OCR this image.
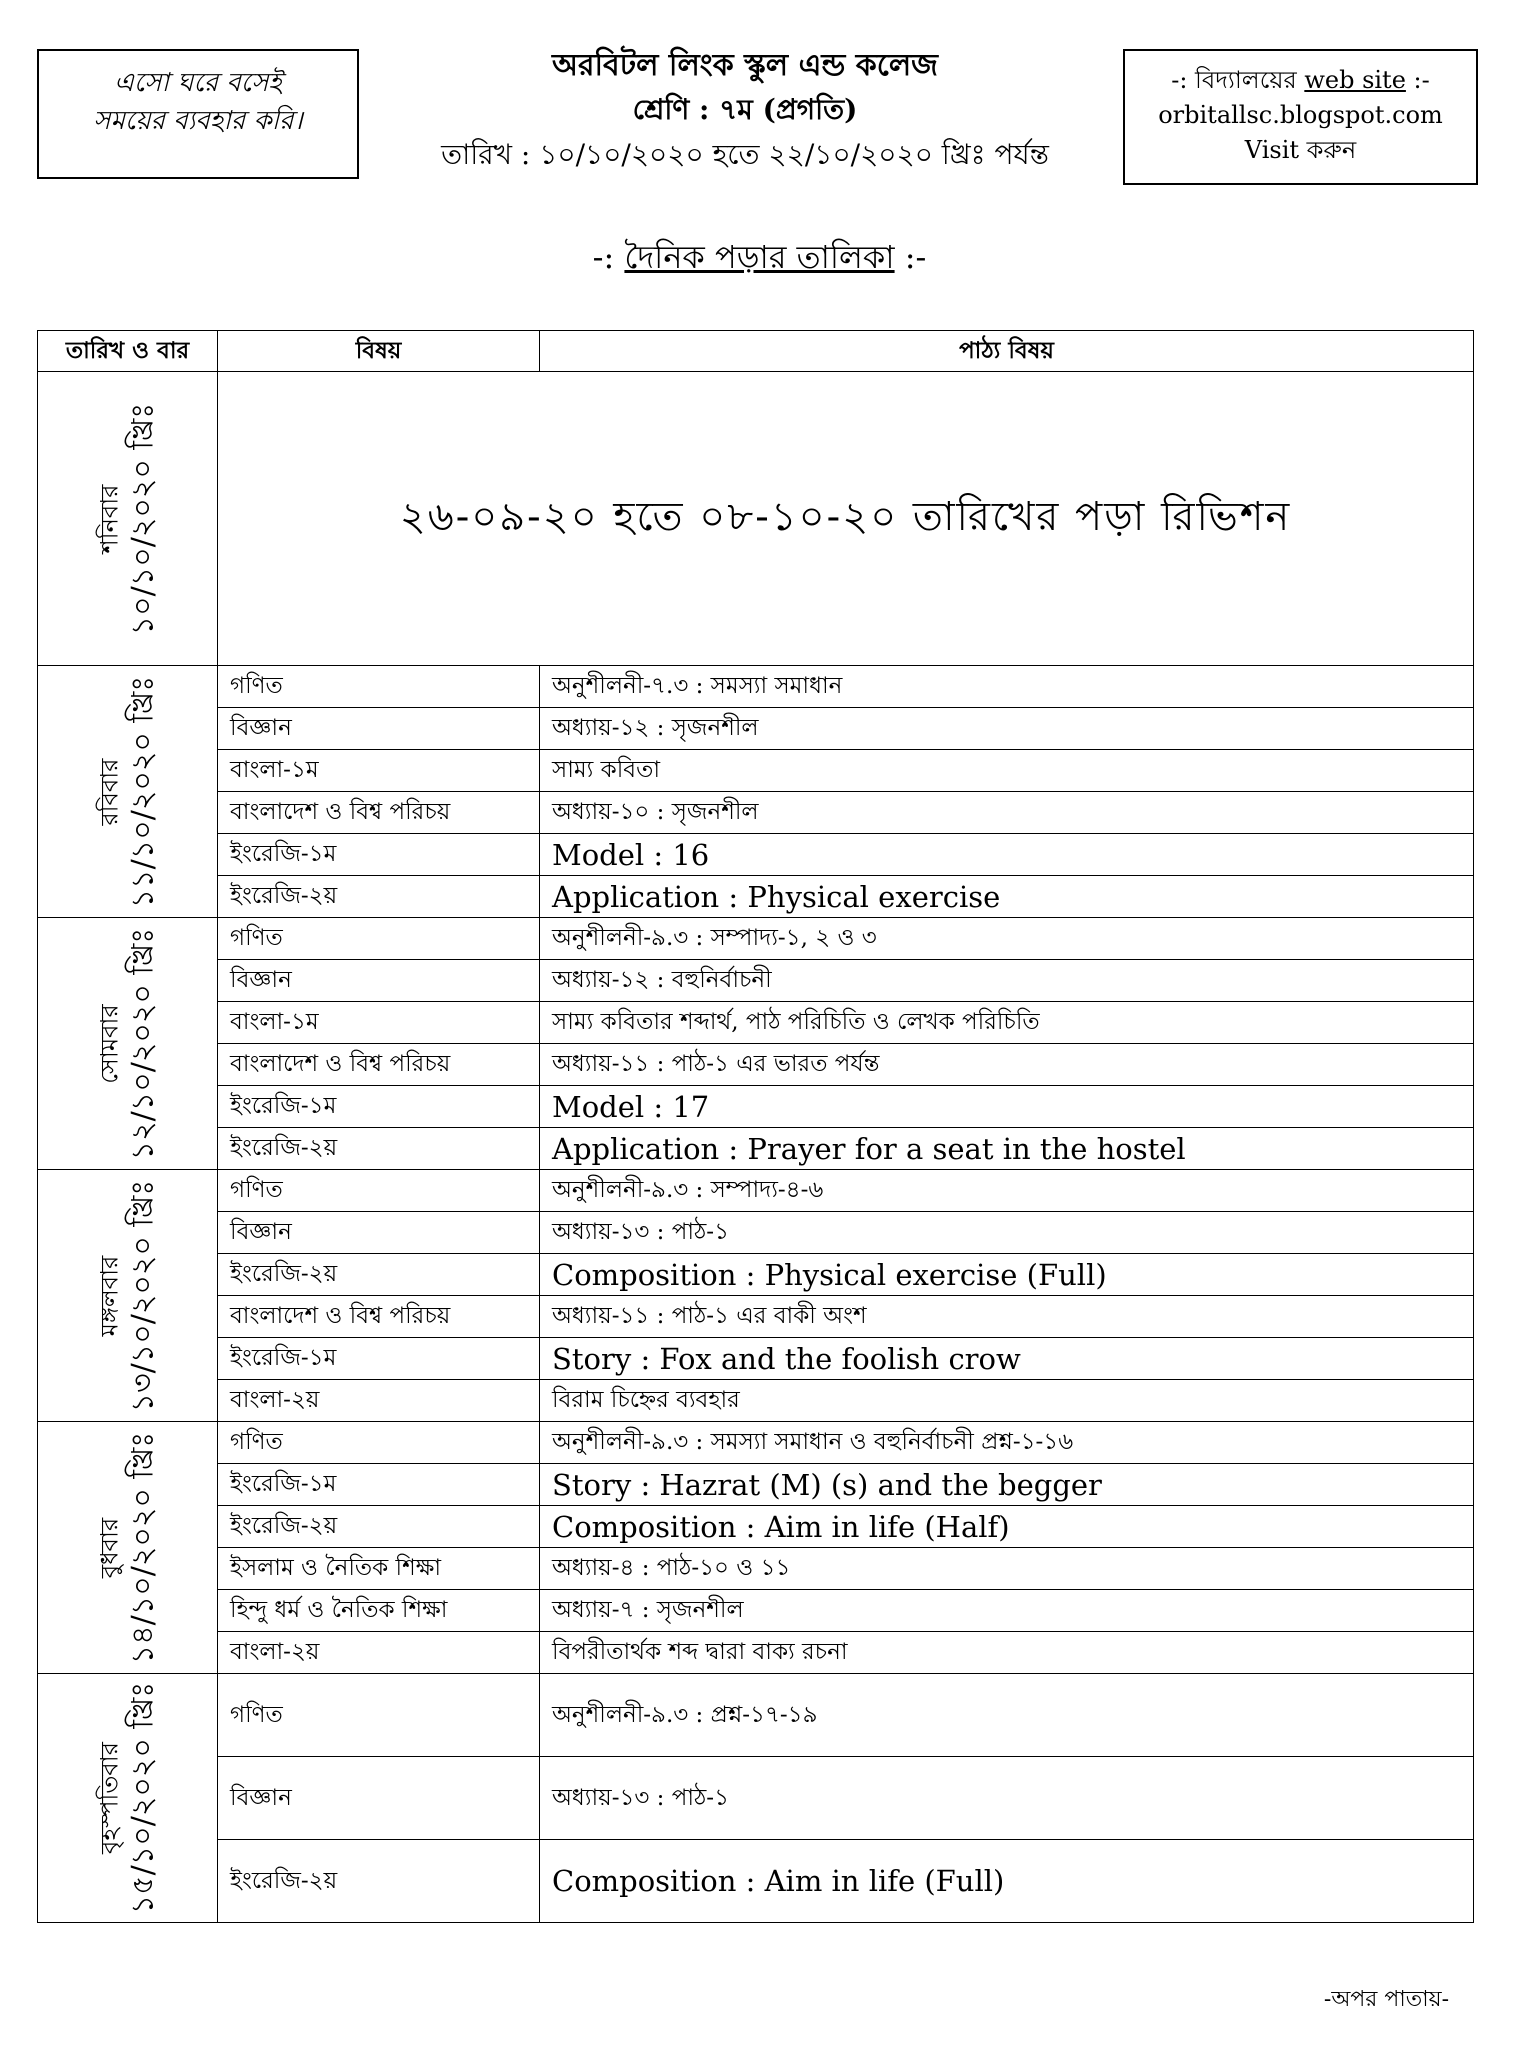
এসো ঘরে বসেই
সময়ের ব্যবহার করি।
অরবিটল লিংক স্কুল এন্ড কলেজ
শ্রেণি : ৭ম (প্রগতি)
তারিখ : ১০/১০/২০২০ হতে ২২/১০/২০২০ খ্রিঃ পর্যন্ত
-: বিদ্যালয়ের web site :-
orbitallsc.blogspot.com
Visit করুন
-: দৈনিক পড়ার তালিকা :-
তারিখ ও বার	বিষয়	পাঠ্য বিষয়

শনিবার ১০/১০/২০২০ খ্রিঃ	২৬-০৯-২০ হতে ০৮-১০-২০ তারিখের পড়া রিভিশন	

রবিবার ১১/১০/২০২০ খ্রিঃ	গণিত	অনুশীলনী-৭.৩ : সমস্যা সমাধান
	বিজ্ঞান	অধ্যায়-১২ : সৃজনশীল
	বাংলা-১ম	সাম্য কবিতা
	বাংলাদেশ ও বিশ্ব পরিচয়	অধ্যায়-১০ : সৃজনশীল
	ইংরেজি-১ম	Model : 16
	ইংরেজি-২য়	Application : Physical exercise

সোমবার ১২/১০/২০২০ খ্রিঃ	গণিত	অনুশীলনী-৯.৩ : সম্পাদ্য-১, ২ ও ৩
	বিজ্ঞান	অধ্যায়-১২ : বহুনির্বাচনী
	বাংলা-১ম	সাম্য কবিতার শব্দার্থ, পাঠ পরিচিতি ও লেখক পরিচিতি
	বাংলাদেশ ও বিশ্ব পরিচয়	অধ্যায়-১১ : পাঠ-১ এর ভারত পর্যন্ত
	ইংরেজি-১ম	Model : 17
	ইংরেজি-২য়	Application : Prayer for a seat in the hostel

মঙ্গলবার ১৩/১০/২০২০ খ্রিঃ	গণিত	অনুশীলনী-৯.৩ : সম্পাদ্য-৪-৬
	বিজ্ঞান	অধ্যায়-১৩ : পাঠ-১
	ইংরেজি-২য়	Composition : Physical exercise (Full)
	বাংলাদেশ ও বিশ্ব পরিচয়	অধ্যায়-১১ : পাঠ-১ এর বাকী অংশ
	ইংরেজি-১ম	Story : Fox and the foolish crow
	বাংলা-২য়	বিরাম চিহ্নের ব্যবহার

বুধবার ১৪/১০/২০২০ খ্রিঃ	গণিত	অনুশীলনী-৯.৩ : সমস্যা সমাধান ও বহুনির্বাচনী প্রশ্ন-১-১৬
	ইংরেজি-১ম	Story : Hazrat (M) (s) and the begger
	ইংরেজি-২য়	Composition : Aim in life (Half)
	ইসলাম ও নৈতিক শিক্ষা	অধ্যায়-৪ : পাঠ-১০ ও ১১
	হিন্দু ধর্ম ও নৈতিক শিক্ষা	অধ্যায়-৭ : সৃজনশীল
	বাংলা-২য়	বিপরীতার্থক শব্দ দ্বারা বাক্য রচনা

বৃহস্পতিবার ১৫/১০/২০২০ খ্রিঃ	গণিত	অনুশীলনী-৯.৩ : প্রশ্ন-১৭-১৯
	বিজ্ঞান	অধ্যায়-১৩ : পাঠ-১
	ইংরেজি-২য়	Composition : Aim in life (Full)
-অপর পাতায়-
